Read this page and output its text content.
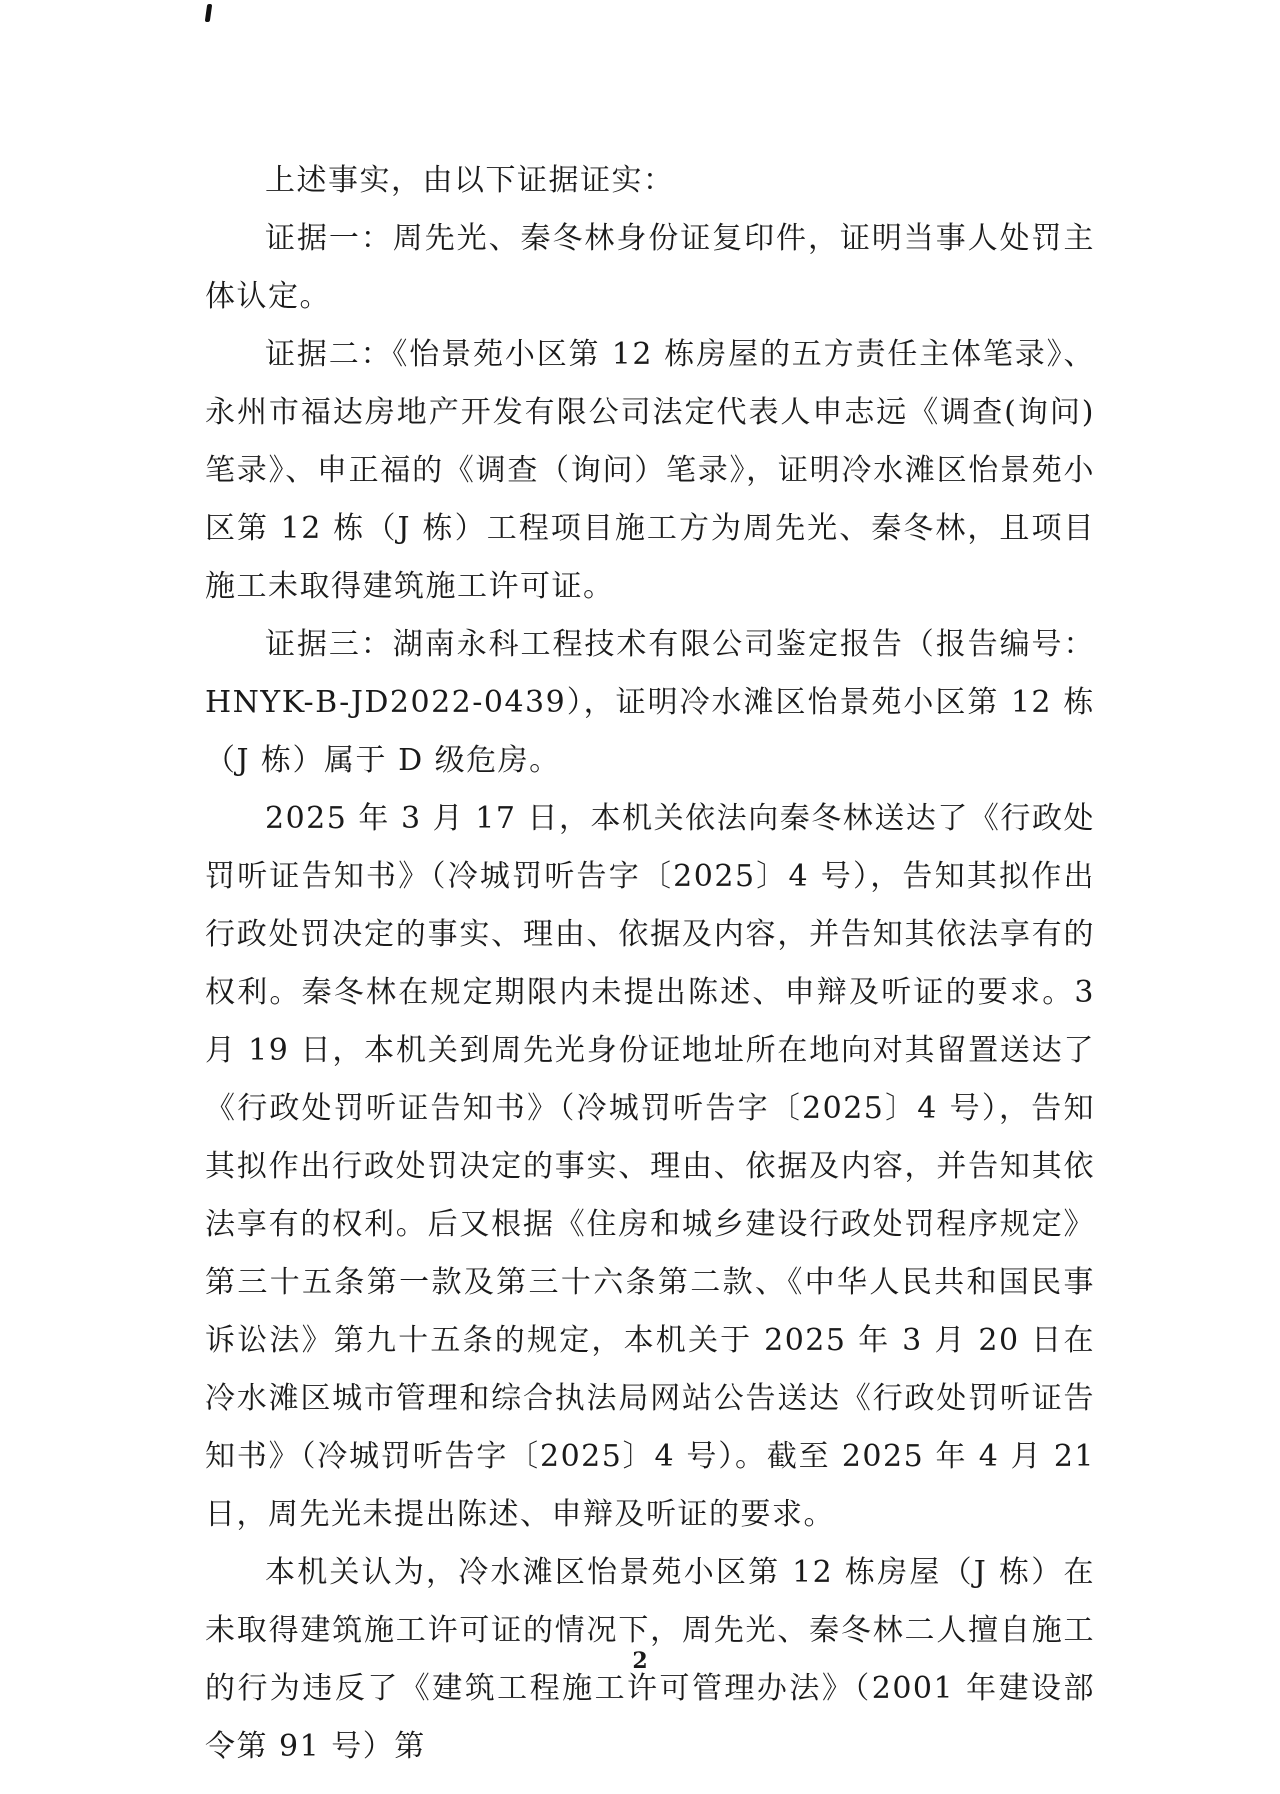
上述事实，由以下证据证实：

证据一：周先光、秦冬林身份证复印件，证明当事人处罚主体认定。

证据二：《怡景苑小区第 12 栋房屋的五方责任主体笔录》、永州市福达房地产开发有限公司法定代表人申志远《调查(询问)笔录》、申正福的《调查（询问）笔录》，证明冷水滩区怡景苑小区第 12 栋（J 栋）工程项目施工方为周先光、秦冬林，且项目施工未取得建筑施工许可证。

证据三：湖南永科工程技术有限公司鉴定报告（报告编号：HNYK-B-JD2022-0439），证明冷水滩区怡景苑小区第 12 栋（J 栋）属于 D 级危房。

2025 年 3 月 17 日，本机关依法向秦冬林送达了《行政处罚听证告知书》（冷城罚听告字〔2025〕4 号），告知其拟作出行政处罚决定的事实、理由、依据及内容，并告知其依法享有的权利。秦冬林在规定期限内未提出陈述、申辩及听证的要求。3 月 19 日，本机关到周先光身份证地址所在地向对其留置送达了《行政处罚听证告知书》（冷城罚听告字〔2025〕4 号），告知其拟作出行政处罚决定的事实、理由、依据及内容，并告知其依法享有的权利。后又根据《住房和城乡建设行政处罚程序规定》第三十五条第一款及第三十六条第二款、《中华人民共和国民事诉讼法》第九十五条的规定，本机关于 2025 年 3 月 20 日在冷水滩区城市管理和综合执法局网站公告送达《行政处罚听证告知书》（冷城罚听告字〔2025〕4 号）。截至 2025 年 4 月 21 日，周先光未提出陈述、申辩及听证的要求。

本机关认为，冷水滩区怡景苑小区第 12 栋房屋（J 栋）在未取得建筑施工许可证的情况下，周先光、秦冬林二人擅自施工的行为违反了《建筑工程施工许可管理办法》（2001 年建设部令第 91 号）第

2
